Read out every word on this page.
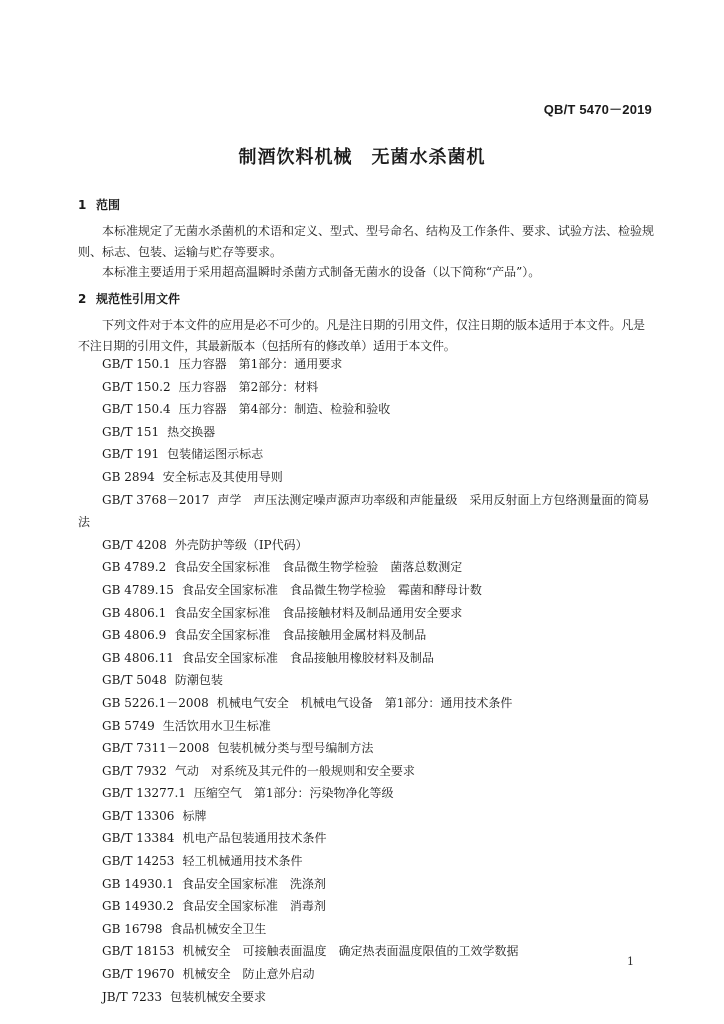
QB/T 5470－2019
制酒饮料机械　无菌水杀菌机
1 范围
本标准规定了无菌水杀菌机的术语和定义、型式、型号命名、结构及工作条件、要求、试验方法、检验规则、标志、包装、运输与贮存等要求。
本标准主要适用于采用超高温瞬时杀菌方式制备无菌水的设备（以下简称“产品”）。
2 规范性引用文件
下列文件对于本文件的应用是必不可少的。凡是注日期的引用文件，仅注日期的版本适用于本文件。凡是不注日期的引用文件，其最新版本（包括所有的修改单）适用于本文件。
GB/T 150.1 压力容器　第1部分：通用要求
GB/T 150.2 压力容器　第2部分：材料
GB/T 150.4 压力容器　第4部分：制造、检验和验收
GB/T 151 热交换器
GB/T 191 包装储运图示标志
GB 2894 安全标志及其使用导则
GB/T 3768－2017 声学　声压法测定噪声源声功率级和声能量级　采用反射面上方包络测量面的简易法
GB/T 4208 外壳防护等级（IP代码）
GB 4789.2 食品安全国家标准　食品微生物学检验　菌落总数测定
GB 4789.15 食品安全国家标准　食品微生物学检验　霉菌和酵母计数
GB 4806.1 食品安全国家标准　食品接触材料及制品通用安全要求
GB 4806.9 食品安全国家标准　食品接触用金属材料及制品
GB 4806.11 食品安全国家标准　食品接触用橡胶材料及制品
GB/T 5048 防潮包装
GB 5226.1－2008 机械电气安全　机械电气设备　第1部分：通用技术条件
GB 5749 生活饮用水卫生标准
GB/T 7311－2008 包装机械分类与型号编制方法
GB/T 7932 气动　对系统及其元件的一般规则和安全要求
GB/T 13277.1 压缩空气　第1部分：污染物净化等级
GB/T 13306 标牌
GB/T 13384 机电产品包装通用技术条件
GB/T 14253 轻工机械通用技术条件
GB 14930.1 食品安全国家标准　洗涤剂
GB 14930.2 食品安全国家标准　消毒剂
GB 16798 食品机械安全卫生
GB/T 18153 机械安全　可接触表面温度　确定热表面温度限值的工效学数据
GB/T 19670 机械安全　防止意外启动
JB/T 7233 包装机械安全要求
1
